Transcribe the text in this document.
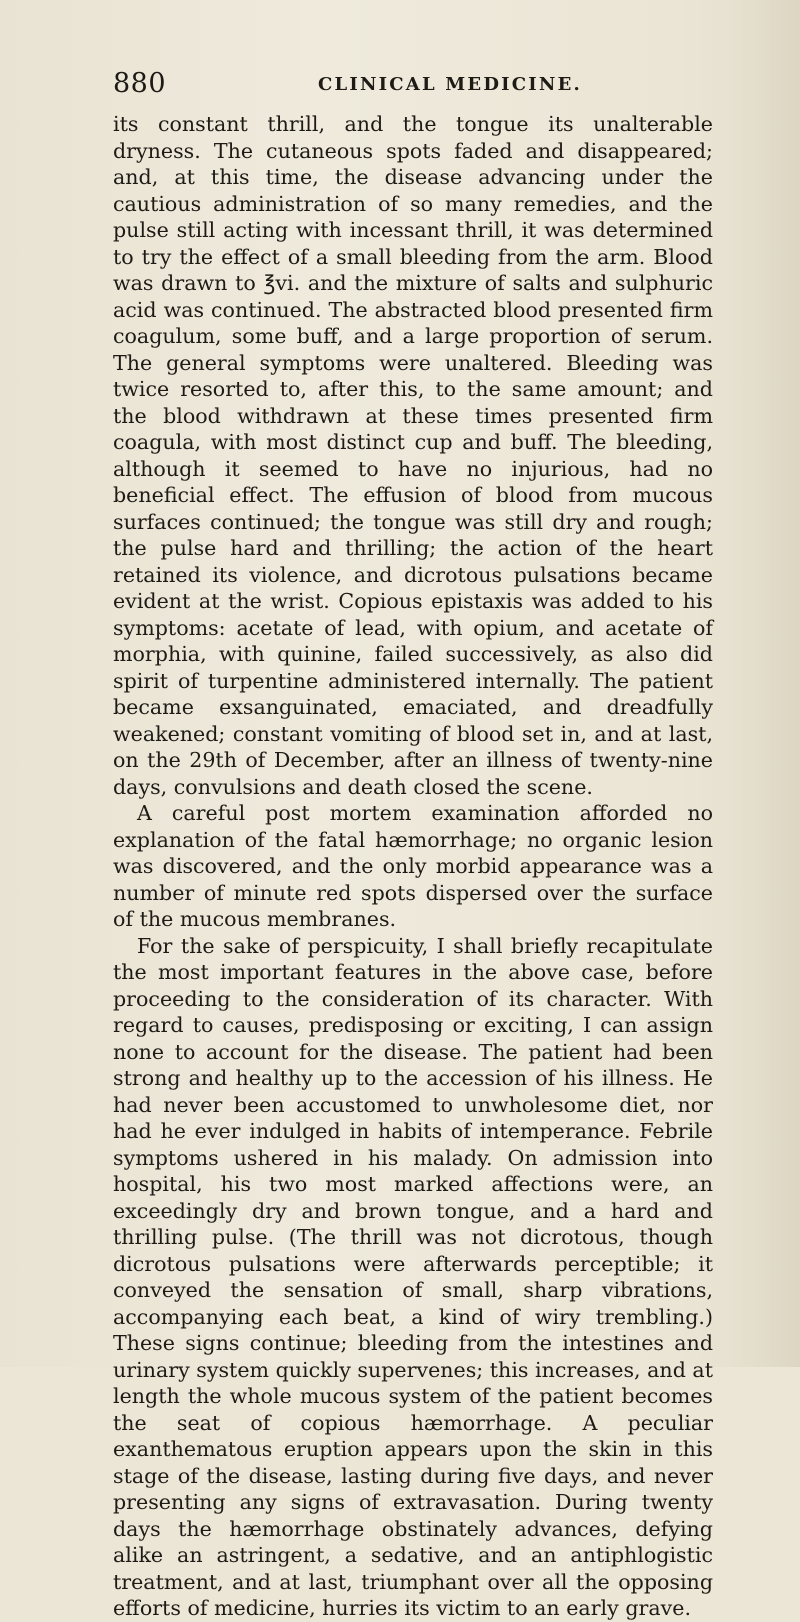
880	CLINICAL MEDICINE.

its constant thrill, and the tongue its unalterable dryness. The cutaneous spots faded and disappeared; and, at this time, the disease advancing under the cautious administration of so many remedies, and the pulse still acting with incessant thrill, it was determined to try the effect of a small bleeding from the arm. Blood was drawn to ℥vi. and the mixture of salts and sulphuric acid was continued. The abstracted blood presented firm coagulum, some buff, and a large proportion of serum. The general symptoms were unaltered. Bleeding was twice resorted to, after this, to the same amount; and the blood withdrawn at these times presented firm coagula, with most distinct cup and buff. The bleeding, although it seemed to have no injurious, had no beneficial effect. The effusion of blood from mucous surfaces continued; the tongue was still dry and rough; the pulse hard and thrilling; the action of the heart retained its violence, and dicrotous pulsations became evident at the wrist. Copious epistaxis was added to his symptoms: acetate of lead, with opium, and acetate of morphia, with quinine, failed successively, as also did spirit of turpentine administered internally. The patient became exsanguinated, emaciated, and dreadfully weakened; constant vomiting of blood set in, and at last, on the 29th of December, after an illness of twenty-nine days, convulsions and death closed the scene.

A careful post mortem examination afforded no explanation of the fatal hæmorrhage; no organic lesion was discovered, and the only morbid appearance was a number of minute red spots dispersed over the surface of the mucous membranes.

For the sake of perspicuity, I shall briefly recapitulate the most important features in the above case, before proceeding to the consideration of its character. With regard to causes, predisposing or exciting, I can assign none to account for the disease. The patient had been strong and healthy up to the accession of his illness. He had never been accustomed to unwholesome diet, nor had he ever indulged in habits of intemperance. Febrile symptoms ushered in his malady. On admission into hospital, his two most marked affections were, an exceedingly dry and brown tongue, and a hard and thrilling pulse. (The thrill was not dicrotous, though dicrotous pulsations were afterwards perceptible; it conveyed the sensation of small, sharp vibrations, accompanying each beat, a kind of wiry trembling.) These signs continue; bleeding from the intestines and urinary system quickly supervenes; this increases, and at length the whole mucous system of the patient becomes the seat of copious hæmorrhage. A peculiar exanthematous eruption appears upon the skin in this stage of the disease, lasting during five days, and never presenting any signs of extravasation. During twenty days the hæmorrhage obstinately advances, defying alike an astringent, a sedative, and an antiphlogistic treatment, and at last, triumphant over all the opposing efforts of medicine, hurries its victim to an early grave.
